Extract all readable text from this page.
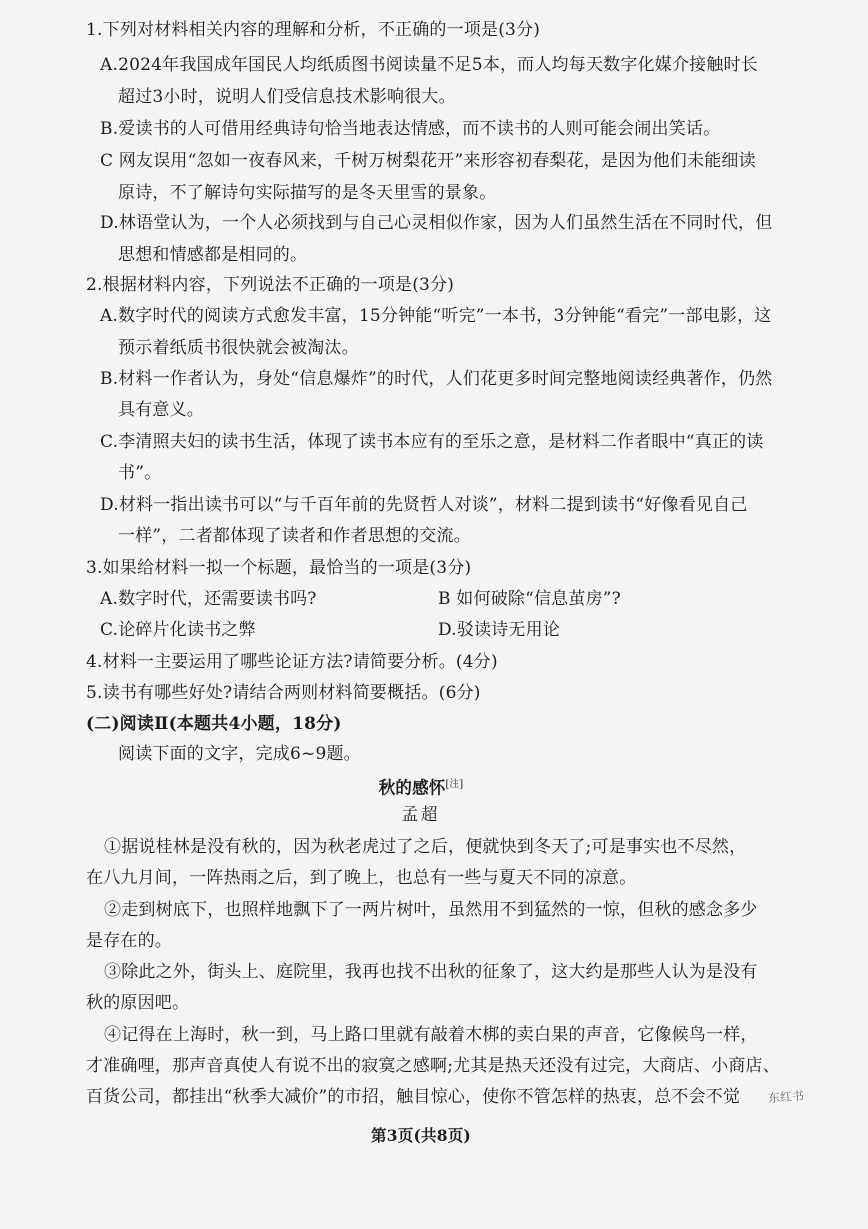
1.下列对材料相关内容的理解和分析，不正确的一项是(3分)
A.2024年我国成年国民人均纸质图书阅读量不足5本，而人均每天数字化媒介接触时长
超过3小时，说明人们受信息技术影响很大。
B.爱读书的人可借用经典诗句恰当地表达情感，而不读书的人则可能会闹出笑话。
C 网友误用“忽如一夜春风来，千树万树梨花开”来形容初春梨花，是因为他们未能细读
原诗，不了解诗句实际描写的是冬天里雪的景象。
D.林语堂认为，一个人必须找到与自己心灵相似作家，因为人们虽然生活在不同时代，但
思想和情感都是相同的。
2.根据材料内容，下列说法不正确的一项是(3分)
A.数字时代的阅读方式愈发丰富，15分钟能“听完”一本书，3分钟能“看完”一部电影，这
预示着纸质书很快就会被淘汰。
B.材料一作者认为，身处“信息爆炸”的时代，人们花更多时间完整地阅读经典著作，仍然
具有意义。
C.李清照夫妇的读书生活，体现了读书本应有的至乐之意，是材料二作者眼中“真正的读
书”。
D.材料一指出读书可以“与千百年前的先贤哲人对谈”，材料二提到读书“好像看见自己
一样”，二者都体现了读者和作者思想的交流。
3.如果给材料一拟一个标题，最恰当的一项是(3分)
A.数字时代，还需要读书吗?	B 如何破除“信息茧房”?
C.论碎片化读书之弊	D.驳读诗无用论
4.材料一主要运用了哪些论证方法?请简要分析。(4分)
5.读书有哪些好处?请结合两则材料简要概括。(6分)
(二)阅读Ⅱ(本题共4小题，18分)
阅读下面的文字，完成6~9题。
秋的感怀[注]
孟超
①据说桂林是没有秋的，因为秋老虎过了之后，便就快到冬天了;可是事实也不尽然，
在八九月间，一阵热雨之后，到了晚上，也总有一些与夏天不同的凉意。
②走到树底下，也照样地飘下了一两片树叶，虽然用不到猛然的一惊，但秋的感念多少
是存在的。
③除此之外，街头上、庭院里，我再也找不出秋的征象了，这大约是那些人认为是没有
秋的原因吧。
④记得在上海时，秋一到，马上路口里就有敲着木梆的卖白果的声音，它像候鸟一样，
才准确哩，那声音真使人有说不出的寂寞之感啊;尤其是热天还没有过完，大商店、小商店、
百货公司，都挂出“秋季大减价”的市招，触目惊心，使你不管怎样的热衷，总不会不觉 东红书
第3页(共8页)
